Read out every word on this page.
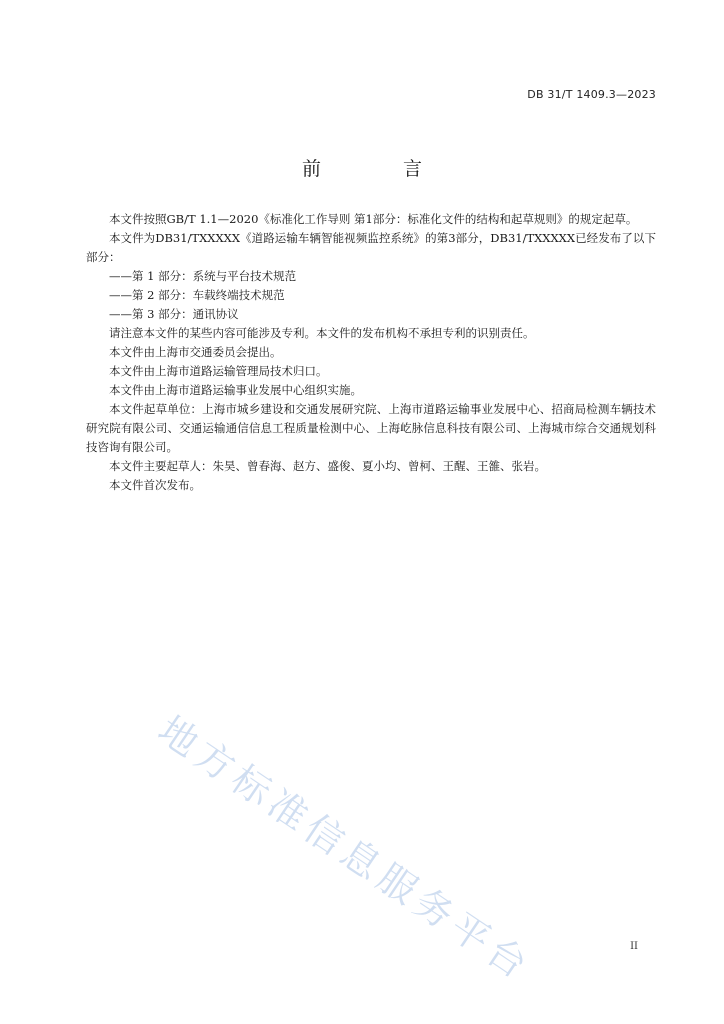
DB 31/T 1409.3—2023
前 言

本文件按照GB/T 1.1—2020《标准化工作导则 第1部分：标准化文件的结构和起草规则》的规定起草。

本文件为DB31/TXXXXX《道路运输车辆智能视频监控系统》的第3部分，DB31/TXXXXX已经发布了以下部分：

——第 1 部分：系统与平台技术规范

——第 2 部分：车载终端技术规范

——第 3 部分：通讯协议

请注意本文件的某些内容可能涉及专利。本文件的发布机构不承担专利的识别责任。

本文件由上海市交通委员会提出。

本文件由上海市道路运输管理局技术归口。

本文件由上海市道路运输事业发展中心组织实施。

本文件起草单位：上海市城乡建设和交通发展研究院、上海市道路运输事业发展中心、招商局检测车辆技术研究院有限公司、交通运输通信信息工程质量检测中心、上海屹脉信息科技有限公司、上海城市综合交通规划科技咨询有限公司。

本文件主要起草人：朱昊、曾春海、赵方、盛俊、夏小均、曾柯、王醒、王雒、张岩。

本文件首次发布。

地方标准信息服务平台	II
